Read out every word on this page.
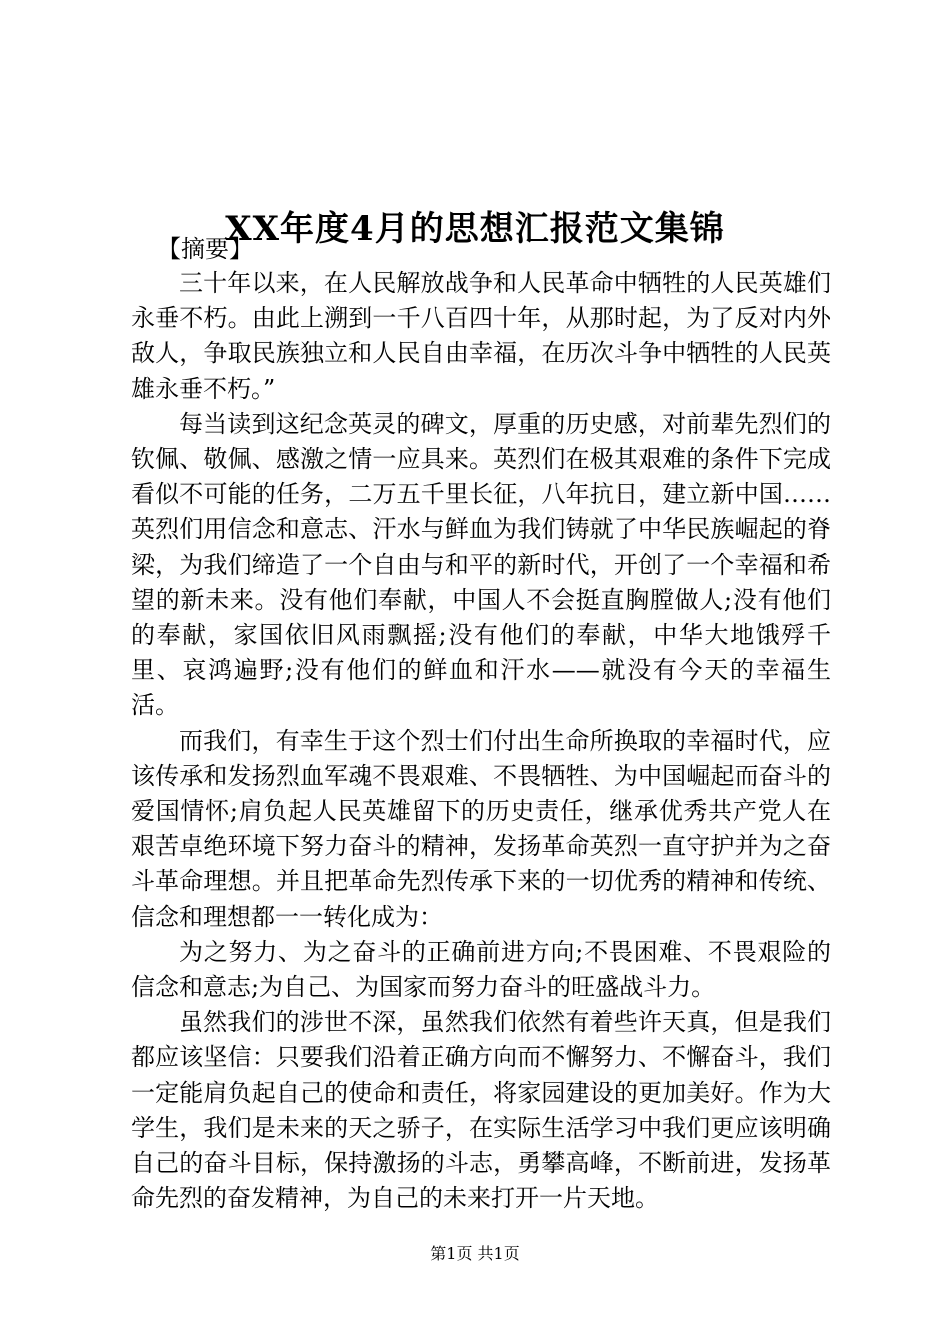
XX年度4月的思想汇报范文集锦

【摘要】

三十年以来，在人民解放战争和人民革命中牺牲的人民英雄们永垂不朽。由此上溯到一千八百四十年，从那时起，为了反对内外敌人，争取民族独立和人民自由幸福，在历次斗争中牺牲的人民英雄永垂不朽。”

每当读到这纪念英灵的碑文，厚重的历史感，对前辈先烈们的钦佩、敬佩、感激之情一应具来。英烈们在极其艰难的条件下完成看似不可能的任务，二万五千里长征，八年抗日，建立新中国……英烈们用信念和意志、汗水与鲜血为我们铸就了中华民族崛起的脊梁，为我们缔造了一个自由与和平的新时代，开创了一个幸福和希望的新未来。没有他们奉献，中国人不会挺直胸膛做人;没有他们的奉献，家国依旧风雨飘摇;没有他们的奉献，中华大地饿殍千里、哀鸿遍野;没有他们的鲜血和汗水——就没有今天的幸福生活。

而我们，有幸生于这个烈士们付出生命所换取的幸福时代，应该传承和发扬烈血军魂不畏艰难、不畏牺牲、为中国崛起而奋斗的爱国情怀;肩负起人民英雄留下的历史责任，继承优秀共产党人在艰苦卓绝环境下努力奋斗的精神，发扬革命英烈一直守护并为之奋斗革命理想。并且把革命先烈传承下来的一切优秀的精神和传统、信念和理想都一一转化成为：

为之努力、为之奋斗的正确前进方向;不畏困难、不畏艰险的信念和意志;为自己、为国家而努力奋斗的旺盛战斗力。

虽然我们的涉世不深，虽然我们依然有着些许天真，但是我们都应该坚信：只要我们沿着正确方向而不懈努力、不懈奋斗，我们一定能肩负起自己的使命和责任，将家园建设的更加美好。作为大学生，我们是未来的天之骄子，在实际生活学习中我们更应该明确自己的奋斗目标，保持激扬的斗志，勇攀高峰，不断前进，发扬革命先烈的奋发精神，为自己的未来打开一片天地。

第1页 共1页
